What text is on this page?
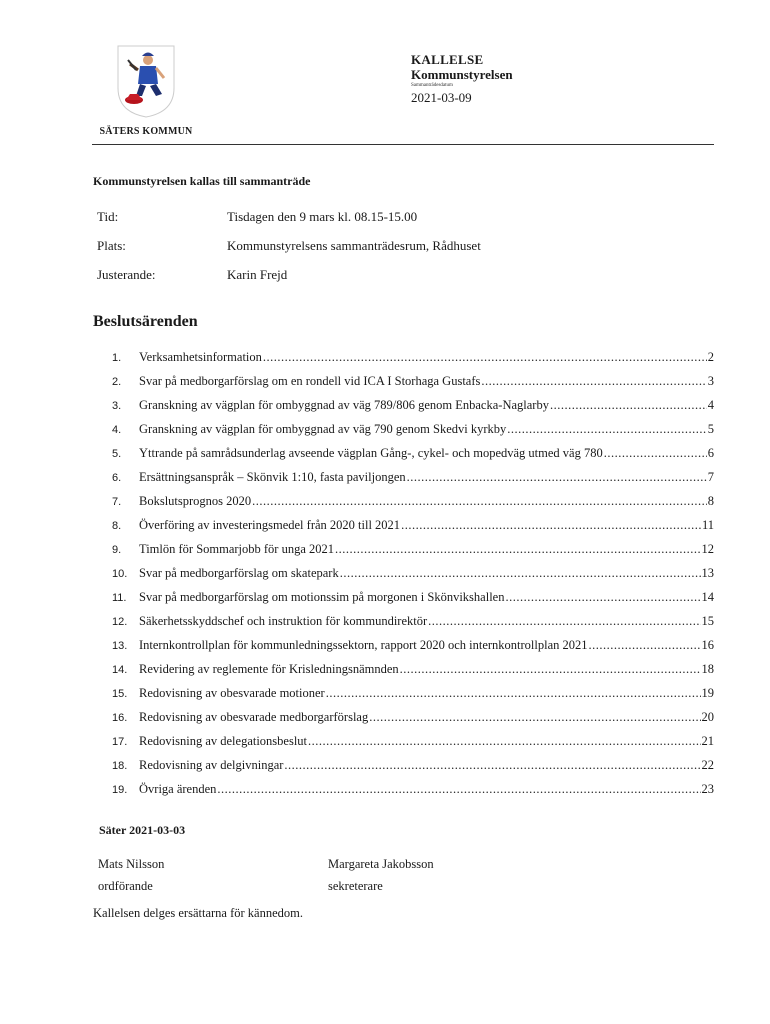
SÄTERS KOMMUN
KALLELSE
Kommunstyrelsen
Sammanträdesdatum
2021-03-09
Kommunstyrelsen kallas till sammanträde
Tid:	Tisdagen den 9 mars kl. 08.15-15.00
Plats:	Kommunstyrelsens sammanträdesrum, Rådhuset
Justerande:	Karin Frejd
Beslutsärenden
1.	Verksamhetsinformation .....	2
2.	Svar på medborgarförslag om en rondell vid ICA I Storhaga Gustafs .....	3
3.	Granskning av vägplan för ombyggnad av väg 789/806 genom Enbacka-Naglarby .....	4
4.	Granskning av vägplan för ombyggnad av väg 790 genom Skedvi kyrkby .....	5
5.	Yttrande på samrådsunderlag avseende vägplan Gång-, cykel- och mopedväg utmed väg 780 .....	6
6.	Ersättningsanspråk – Skönvik 1:10, fasta paviljongen .....	7
7.	Bokslutsprognos 2020 .....	8
8.	Överföring av investeringsmedel från 2020 till 2021 .....	11
9.	Timlön för Sommarjobb för unga 2021 .....	12
10. Svar på medborgarförslag om skatepark .....	13
11.	Svar på medborgarförslag om motionssim på morgonen i Skönvikshallen .....	14
12. Säkerhetsskyddschef och instruktion för kommundirektör .....	15
13. Internkontrollplan för kommunledningssektorn, rapport 2020 och internkontrollplan 2021 .....	16
14. Revidering av reglemente för Krisledningsnämnden .....	18
15. Redovisning av obesvarade motioner .....	19
16. Redovisning av obesvarade medborgarförslag .....	20
17. Redovisning av delegationsbeslut .....	21
18. Redovisning av delgivningar .....	22
19. Övriga ärenden .....	23
Säter 2021-03-03
Mats Nilsson
ordförande
Margareta Jakobsson
sekreterare
Kallelsen delges ersättarna för kännedom.
